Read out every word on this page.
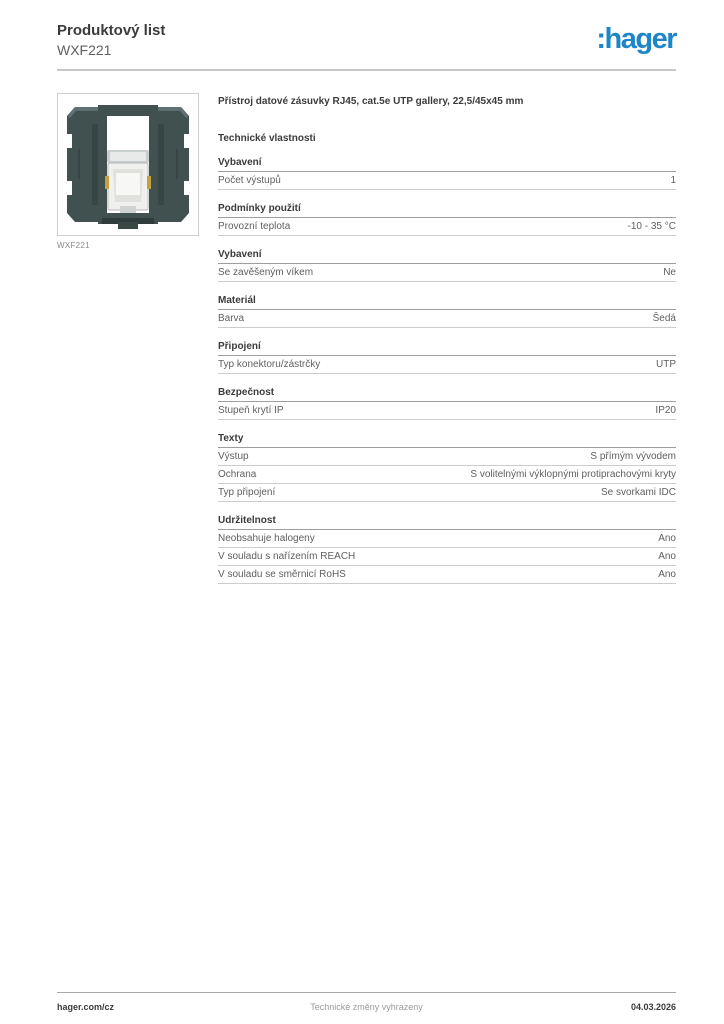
Produktový list
WXF221	:hager
WXF221

Přístroj datové zásuvky RJ45, cat.5e UTP gallery, 22,5/45x45 mm

Technické vlastnosti
Vybavení
Počet výstupů	1
Podmínky použití
Provozní teplota	-10 - 35 °C
Vybavení
Se zavěšeným víkem	Ne
Materiál
Barva	Šedá
Připojení
Typ konektoru/zástrčky	UTP
Bezpečnost
Stupeň krytí IP	IP20
Texty
Výstup	S přímým vývodem
Ochrana	S volitelnými výklopnými protiprachovými kryty
Typ připojení	Se svorkami IDC
Udržitelnost
Neobsahuje halogeny	Ano
V souladu s nařízením REACH	Ano
V souladu se směrnicí RoHS	Ano
Technické změny vyhrazeny
hager.com/cz	04.03.2026
